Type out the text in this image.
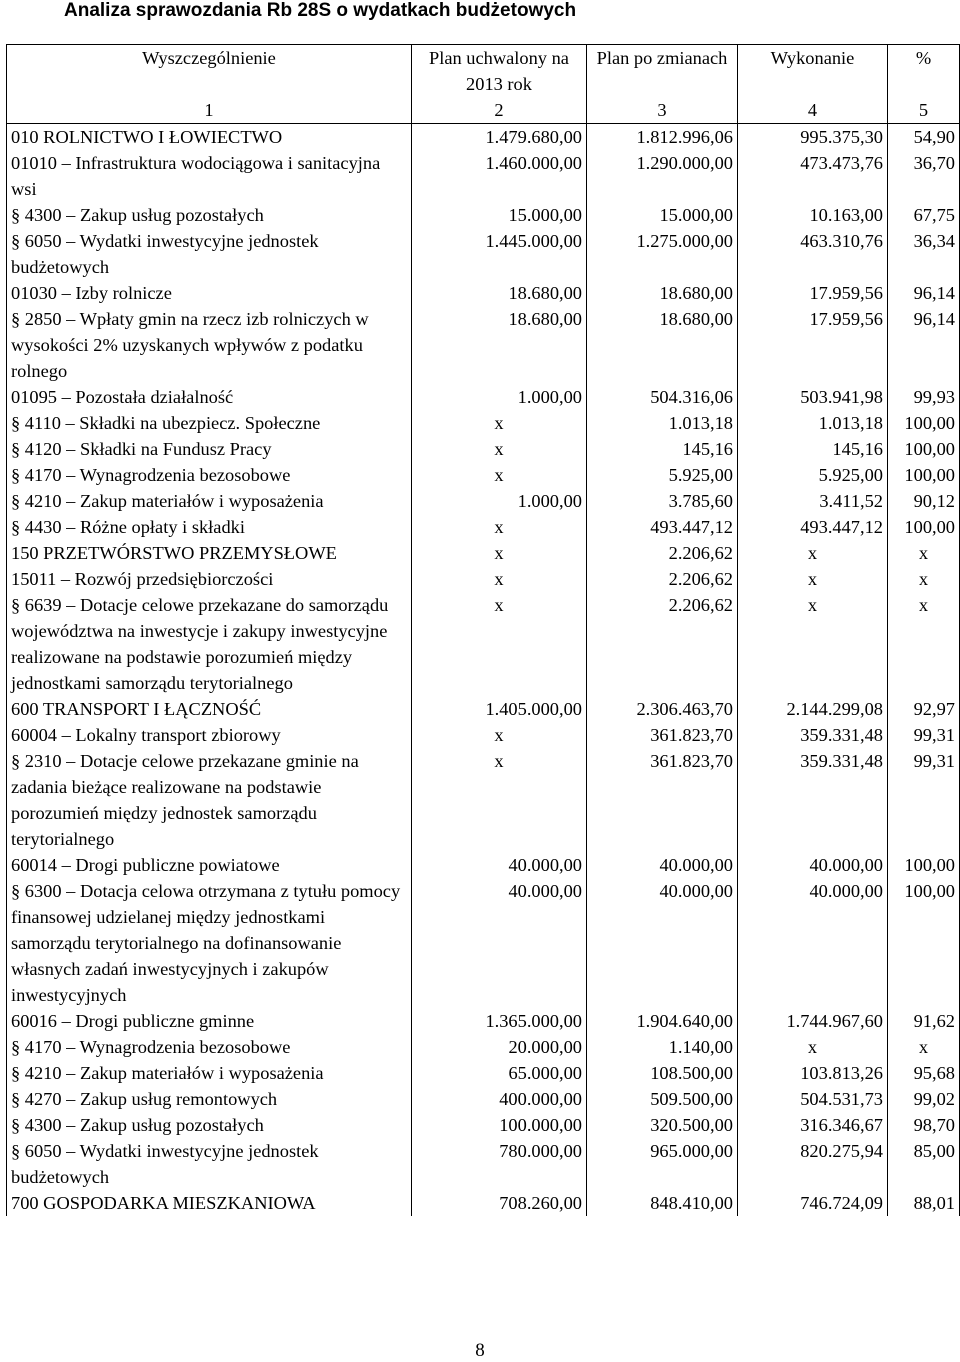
Analiza sprawozdania Rb 28S o wydatkach budżetowych
Wyszczególnienie	Plan uchwalony na 2013 rok	Plan po zmianach	Wykonanie	%
1	2	3	4	5
010 ROLNICTWO I ŁOWIECTWO	1.479.680,00	1.812.996,06	995.375,30	54,90
01010 – Infrastruktura wodociągowa i sanitacyjna wsi	1.460.000,00	1.290.000,00	473.473,76	36,70
§ 4300 – Zakup usług pozostałych	15.000,00	15.000,00	10.163,00	67,75
§ 6050 – Wydatki inwestycyjne jednostek budżetowych	1.445.000,00	1.275.000,00	463.310,76	36,34
01030 – Izby rolnicze	18.680,00	18.680,00	17.959,56	96,14
§ 2850 – Wpłaty gmin na rzecz izb rolniczych w wysokości 2% uzyskanych wpływów z podatku rolnego	18.680,00	18.680,00	17.959,56	96,14
01095 – Pozostała działalność	1.000,00	504.316,06	503.941,98	99,93
§ 4110 – Składki na ubezpiecz. Społeczne	x	1.013,18	1.013,18	100,00
§ 4120 – Składki na Fundusz Pracy	x	145,16	145,16	100,00
§ 4170 – Wynagrodzenia bezosobowe	x	5.925,00	5.925,00	100,00
§ 4210 – Zakup materiałów i wyposażenia	1.000,00	3.785,60	3.411,52	90,12
§ 4430 – Różne opłaty i składki	x	493.447,12	493.447,12	100,00
150 PRZETWÓRSTWO PRZEMYSŁOWE	x	2.206,62	x	x
15011 – Rozwój przedsiębiorczości	x	2.206,62	x	x
§ 6639 – Dotacje celowe przekazane do samorządu województwa na inwestycje i zakupy inwestycyjne realizowane na podstawie porozumień między jednostkami samorządu terytorialnego	x	2.206,62	x	x
600 TRANSPORT I ŁĄCZNOŚĆ	1.405.000,00	2.306.463,70	2.144.299,08	92,97
60004 – Lokalny transport zbiorowy	x	361.823,70	359.331,48	99,31
§ 2310 – Dotacje celowe przekazane gminie na zadania bieżące realizowane na podstawie porozumień między jednostek samorządu terytorialnego	x	361.823,70	359.331,48	99,31
60014 – Drogi publiczne powiatowe	40.000,00	40.000,00	40.000,00	100,00
§ 6300 – Dotacja celowa otrzymana z tytułu pomocy finansowej udzielanej między jednostkami samorządu terytorialnego na dofinansowanie własnych zadań inwestycyjnych i zakupów inwestycyjnych	40.000,00	40.000,00	40.000,00	100,00
60016 – Drogi publiczne gminne	1.365.000,00	1.904.640,00	1.744.967,60	91,62
§ 4170 – Wynagrodzenia bezosobowe	20.000,00	1.140,00	x	x
§ 4210 – Zakup materiałów i wyposażenia	65.000,00	108.500,00	103.813,26	95,68
§ 4270 – Zakup usług remontowych	400.000,00	509.500,00	504.531,73	99,02
§ 4300 – Zakup usług pozostałych	100.000,00	320.500,00	316.346,67	98,70
§ 6050 – Wydatki inwestycyjne jednostek budżetowych	780.000,00	965.000,00	820.275,94	85,00
700 GOSPODARKA MIESZKANIOWA	708.260,00	848.410,00	746.724,09	88,01
8
